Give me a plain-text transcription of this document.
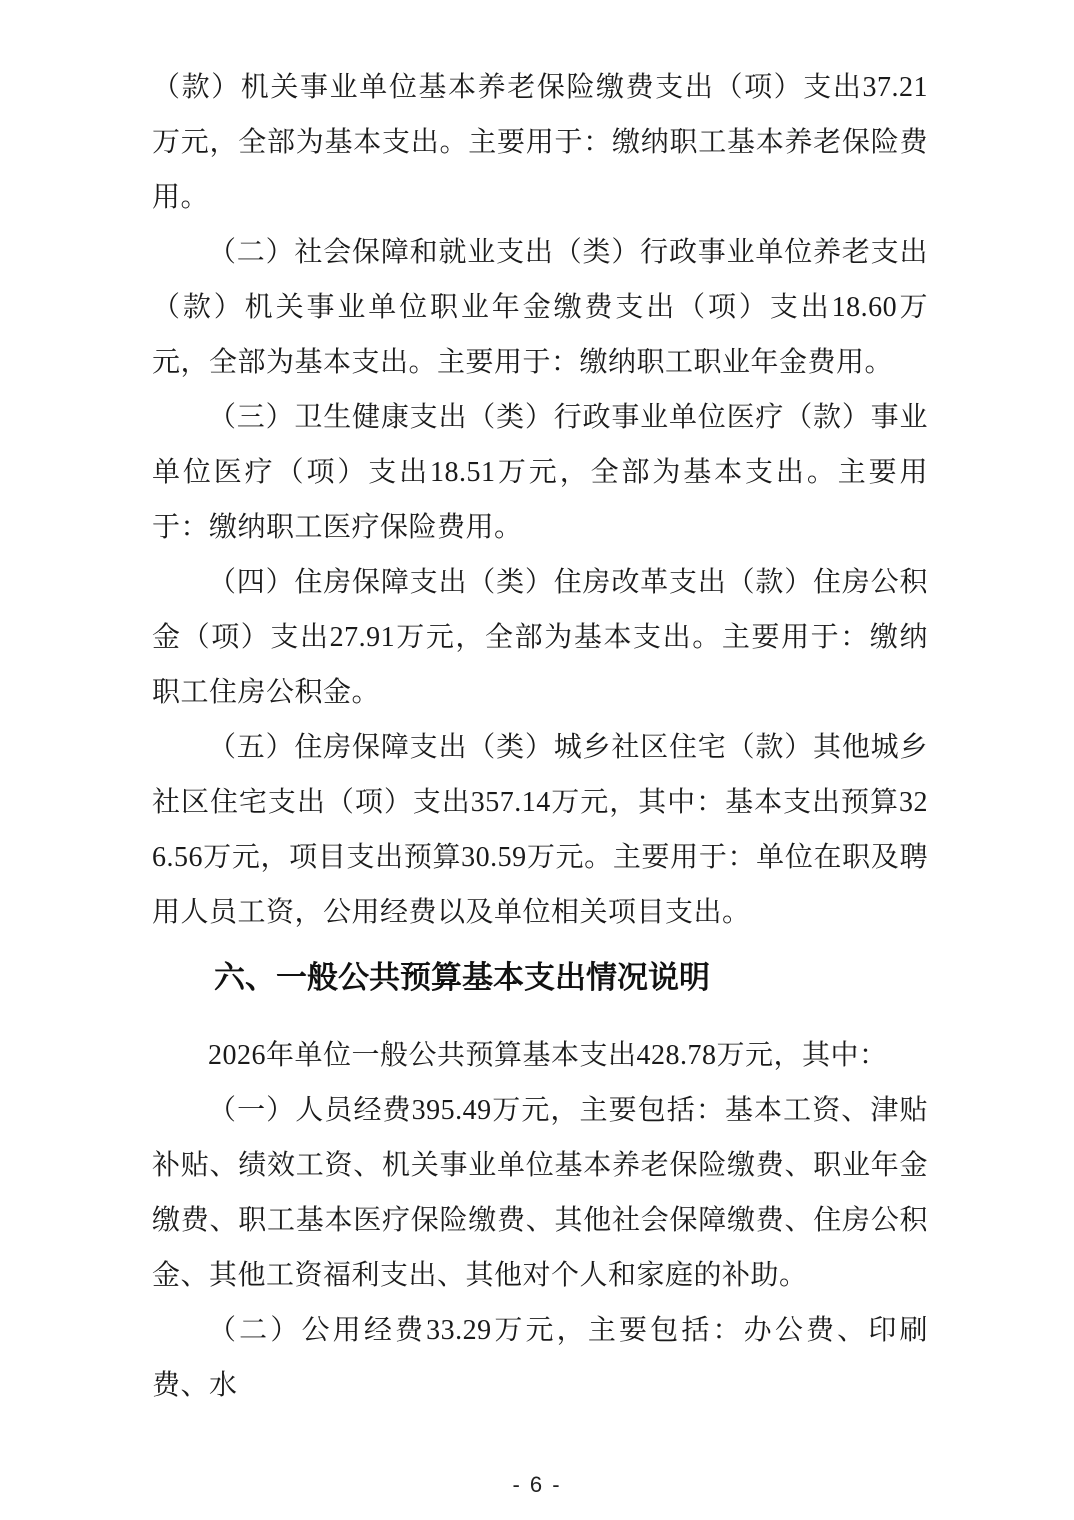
（款）机关事业单位基本养老保险缴费支出（项）支出37.21万元，全部为基本支出。主要用于：缴纳职工基本养老保险费用。

（二）社会保障和就业支出（类）行政事业单位养老支出（款）机关事业单位职业年金缴费支出（项）支出18.60万元，全部为基本支出。主要用于：缴纳职工职业年金费用。

（三）卫生健康支出（类）行政事业单位医疗（款）事业单位医疗（项）支出18.51万元，全部为基本支出。主要用于：缴纳职工医疗保险费用。

（四）住房保障支出（类）住房改革支出（款）住房公积金（项）支出27.91万元，全部为基本支出。主要用于：缴纳职工住房公积金。

（五）住房保障支出（类）城乡社区住宅（款）其他城乡社区住宅支出（项）支出357.14万元，其中：基本支出预算326.56万元，项目支出预算30.59万元。主要用于：单位在职及聘用人员工资，公用经费以及单位相关项目支出。

六、一般公共预算基本支出情况说明

2026年单位一般公共预算基本支出428.78万元，其中：

（一）人员经费395.49万元，主要包括：基本工资、津贴补贴、绩效工资、机关事业单位基本养老保险缴费、职业年金缴费、职工基本医疗保险缴费、其他社会保障缴费、住房公积金、其他工资福利支出、其他对个人和家庭的补助。

（二）公用经费33.29万元，主要包括：办公费、印刷费、水

- 6 -
